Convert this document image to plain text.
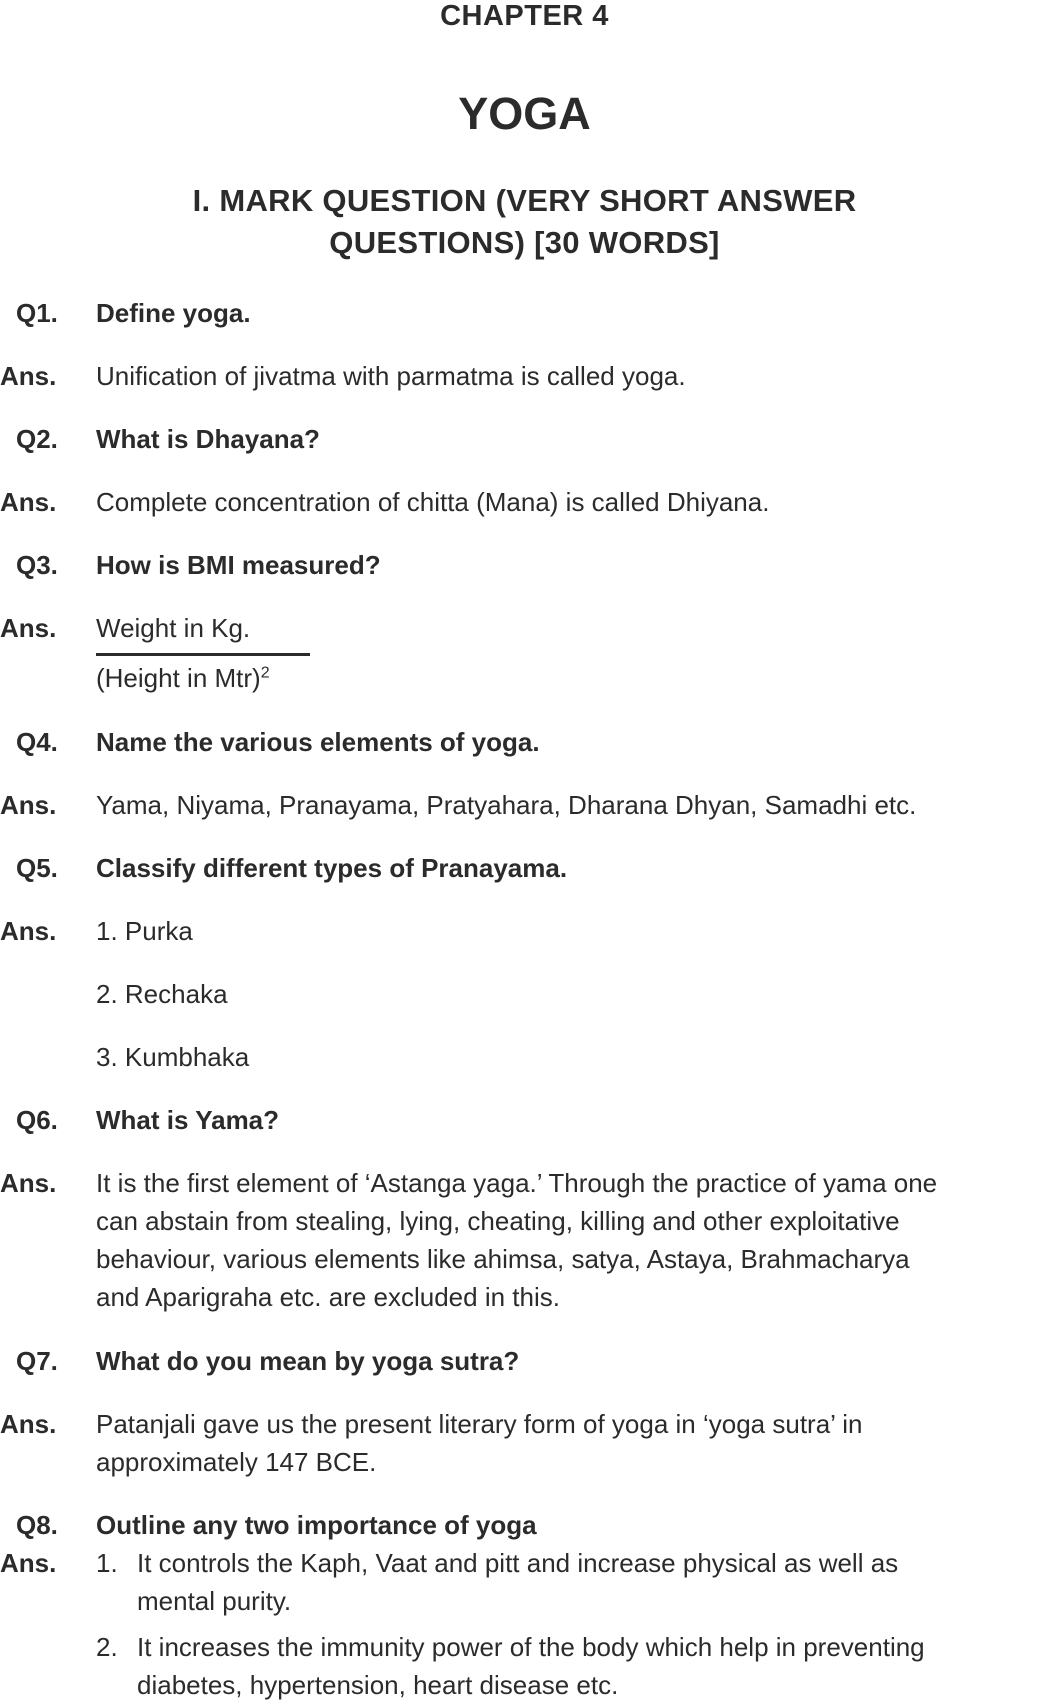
CHAPTER 4
YOGA
I. MARK QUESTION (VERY SHORT ANSWER QUESTIONS) [30 WORDS]
Q1. Define yoga.
Ans. Unification of jivatma with parmatma is called yoga.
Q2. What is Dhayana?
Ans. Complete concentration of chitta (Mana) is called Dhiyana.
Q3. How is BMI measured?
Ans. Weight in Kg.
(Height in Mtr)$^2$
Q4. Name the various elements of yoga.
Ans. Yama, Niyama, Pranayama, Pratyahara, Dharana Dhyan, Samadhi etc.
Q5. Classify different types of Pranayama.
Ans. 1. Purka
2. Rechaka
3. Kumbhaka
Q6. What is Yama?
Ans. It is the first element of ‘Astanga yaga.’ Through the practice of yama one
can abstain from stealing, lying, cheating, killing and other exploitative
behaviour, various elements like ahimsa, satya, Astaya, Brahmacharya
and Aparigraha etc. are excluded in this.
Q7. What do you mean by yoga sutra?
Ans. Patanjali gave us the present literary form of yoga in ‘yoga sutra’ in
approximately 147 BCE.
Q8. Outline any two importance of yoga
Ans. 1. It controls the Kaph, Vaat and pitt and increase physical as well as
mental purity.
2. It increases the immunity power of the body which help in preventing
diabetes, hypertension, heart disease etc.
